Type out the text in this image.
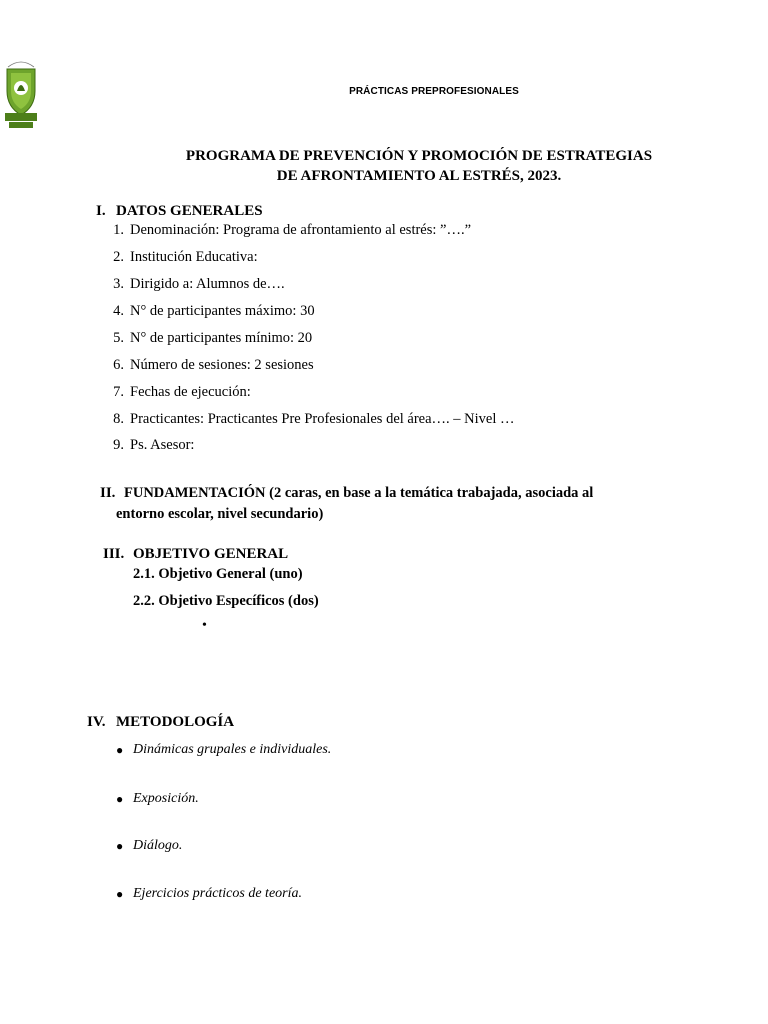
PRÁCTICAS PREPROFESIONALES
PROGRAMA DE PREVENCIÓN Y PROMOCIÓN DE ESTRATEGIAS
DE AFRONTAMIENTO AL ESTRÉS, 2023.
I. DATOS GENERALES
1. Denominación: Programa de afrontamiento al estrés: ”….”
2. Institución Educativa:
3. Dirigido a: Alumnos de….
4. N° de participantes máximo: 30
5. N° de participantes mínimo: 20
6. Número de sesiones: 2 sesiones
7. Fechas de ejecución:
8. Practicantes: Practicantes Pre Profesionales del área…. – Nivel …
9. Ps. Asesor:
II. FUNDAMENTACIÓN (2 caras, en base a la temática trabajada, asociada al
entorno escolar, nivel secundario)
III. OBJETIVO GENERAL
2.1. Objetivo General (uno)
2.2. Objetivo Específicos (dos)
•
IV. METODOLOGÍA
● Dinámicas grupales e individuales.
● Exposición.
● Diálogo.
● Ejercicios prácticos de teoría.
